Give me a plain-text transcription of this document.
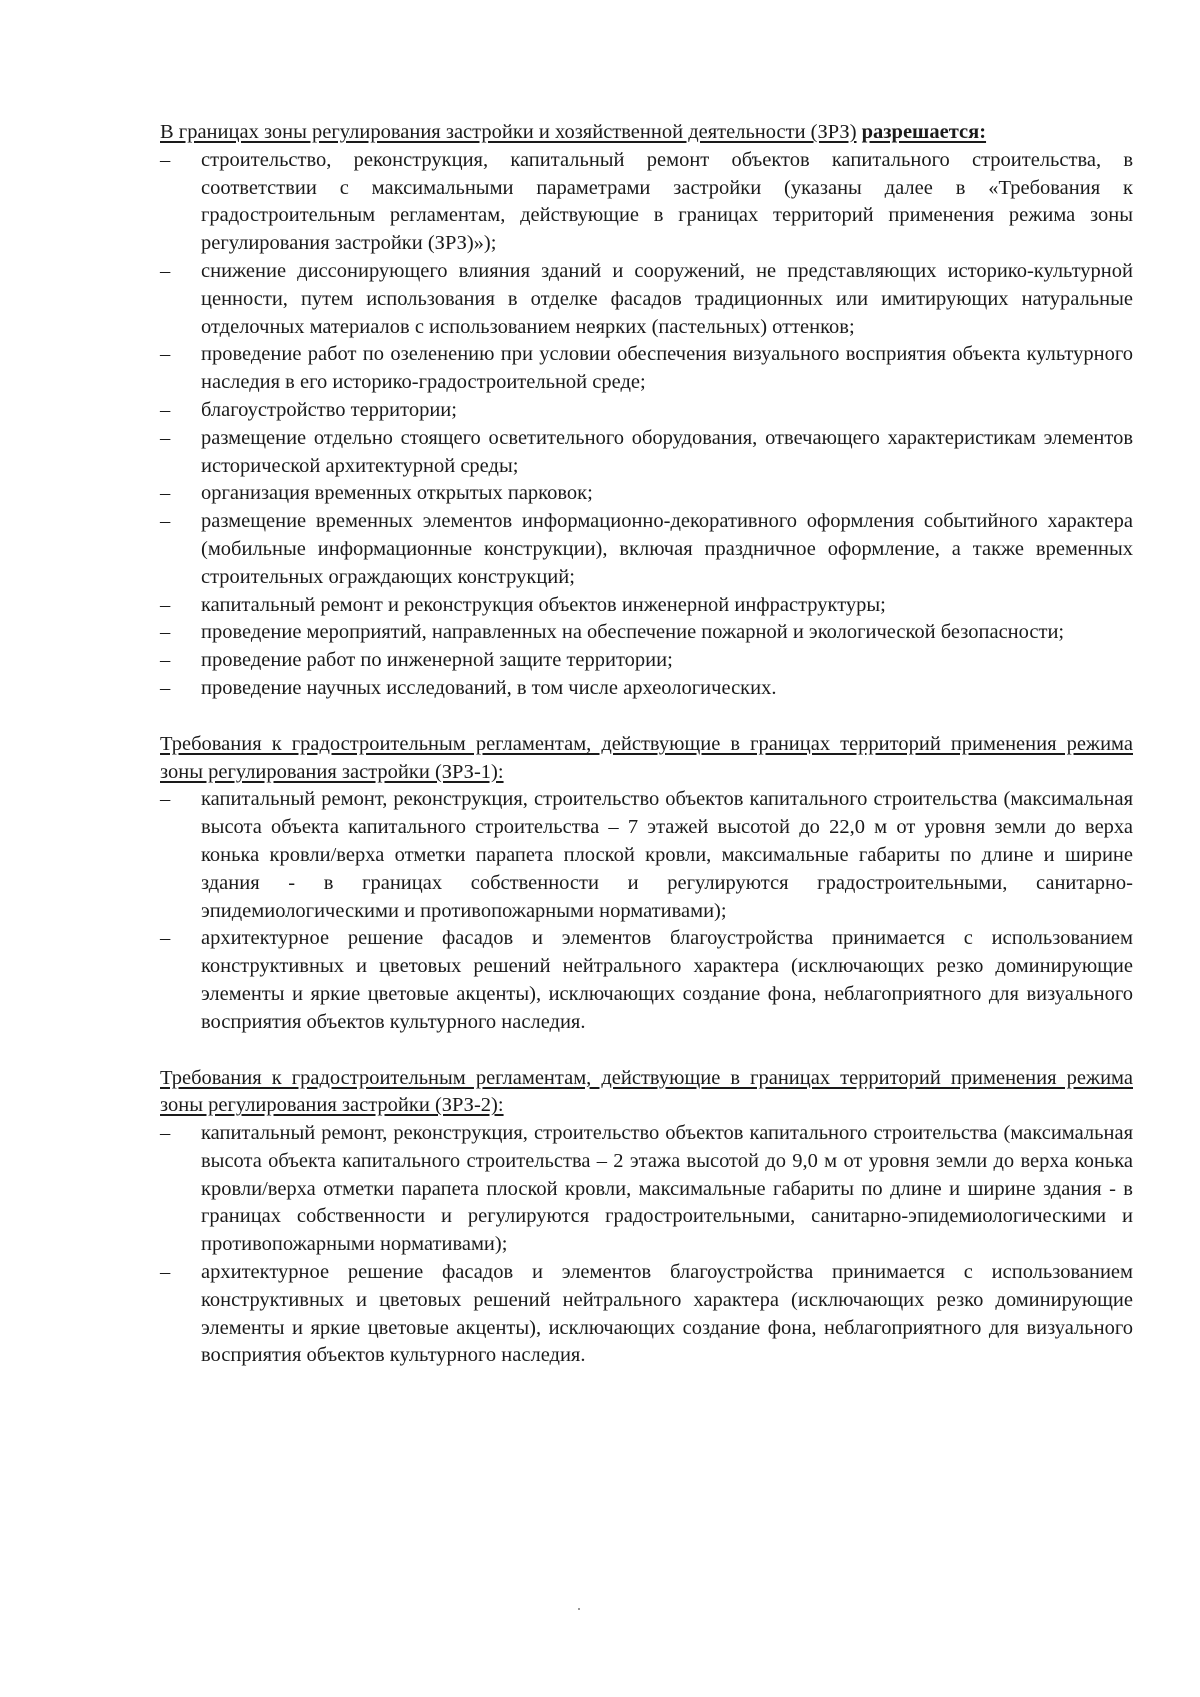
В границах зоны регулирования застройки и хозяйственной деятельности (ЗРЗ) разрешается:

–	строительство, реконструкция, капитальный ремонт объектов капитального строительства, в соответствии с максимальными параметрами застройки (указаны далее в «Требования к градостроительным регламентам, действующие в границах территорий применения режима зоны регулирования застройки (ЗРЗ)»);
–	снижение диссонирующего влияния зданий и сооружений, не представляющих историко-культурной ценности, путем использования в отделке фасадов традиционных или имитирующих натуральные отделочных материалов с использованием неярких (пастельных) оттенков;
–	проведение работ по озеленению при условии обеспечения визуального восприятия объекта культурного наследия в его историко-градостроительной среде;
–	благоустройство территории;
–	размещение отдельно стоящего осветительного оборудования, отвечающего характеристикам элементов исторической архитектурной среды;
–	организация временных открытых парковок;
–	размещение временных элементов информационно-декоративного оформления событийного характера (мобильные информационные конструкции), включая праздничное оформление, а также временных строительных ограждающих конструкций;
–	капитальный ремонт и реконструкция объектов инженерной инфраструктуры;
–	проведение мероприятий, направленных на обеспечение пожарной и экологической безопасности;
–	проведение работ по инженерной защите территории;
–	проведение научных исследований, в том числе археологических.

Требования к градостроительным регламентам, действующие в границах территорий применения режима зоны регулирования застройки (ЗРЗ-1):

–	капитальный ремонт, реконструкция, строительство объектов капитального строительства (максимальная высота объекта капитального строительства – 7 этажей высотой до 22,0 м от уровня земли до верха конька кровли/верха отметки парапета плоской кровли, максимальные габариты по длине и ширине здания - в границах собственности и регулируются градостроительными, санитарно-эпидемиологическими и противопожарными нормативами);
–	архитектурное решение фасадов и элементов благоустройства принимается с использованием конструктивных и цветовых решений нейтрального характера (исключающих резко доминирующие элементы и яркие цветовые акценты), исключающих создание фона, неблагоприятного для визуального восприятия объектов культурного наследия.

Требования к градостроительным регламентам, действующие в границах территорий применения режима зоны регулирования застройки (ЗРЗ-2):

–	капитальный ремонт, реконструкция, строительство объектов капитального строительства (максимальная высота объекта капитального строительства – 2 этажа высотой до 9,0 м от уровня земли до верха конька кровли/верха отметки парапета плоской кровли, максимальные габариты по длине и ширине здания - в границах собственности и регулируются градостроительными, санитарно-эпидемиологическими и противопожарными нормативами);
–	архитектурное решение фасадов и элементов благоустройства принимается с использованием конструктивных и цветовых решений нейтрального характера (исключающих резко доминирующие элементы и яркие цветовые акценты), исключающих создание фона, неблагоприятного для визуального восприятия объектов культурного наследия.
